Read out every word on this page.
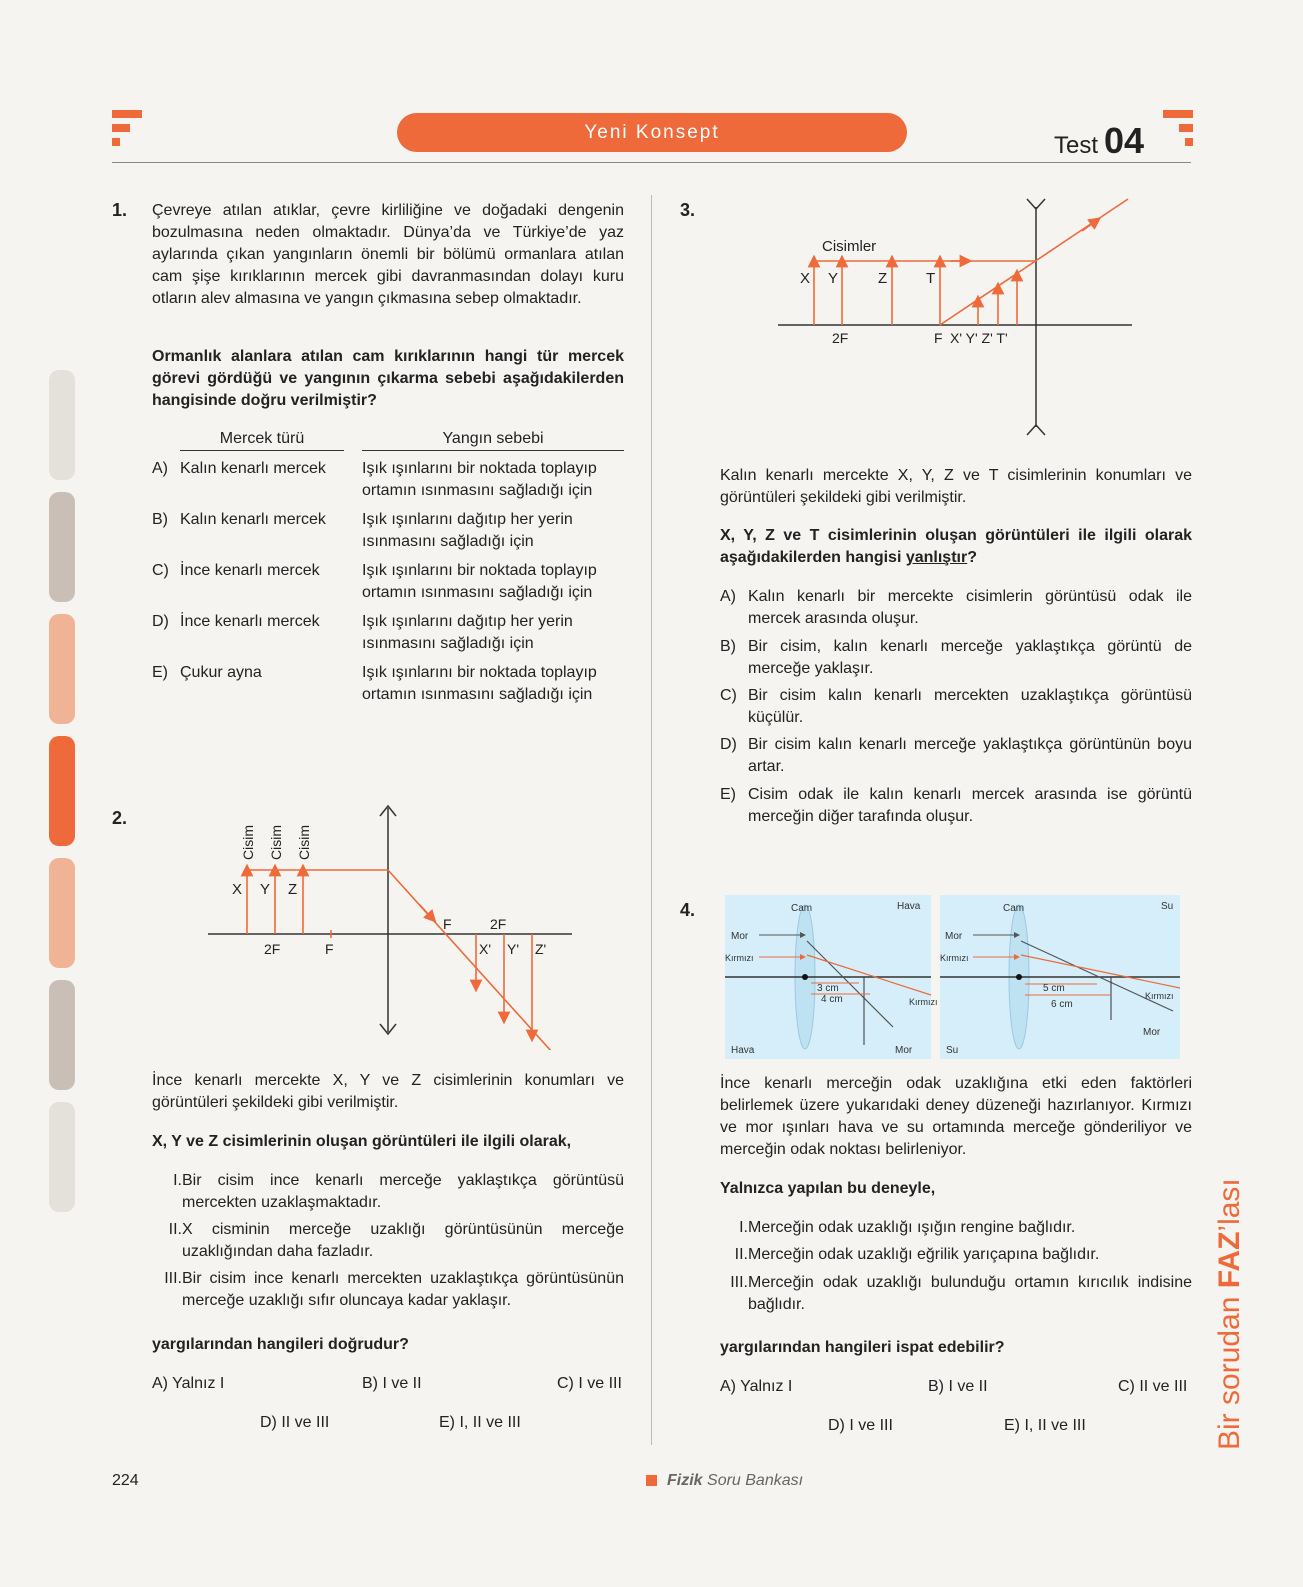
Yeni Konsept	Test 04
1. Çevreye atılan atıklar, çevre kirliliğine ve doğadaki dengenin bozulmasına neden olmaktadır. Dünya’da ve Türkiye’de yaz aylarında çıkan yangınların önemli bir bölümü ormanlara atılan cam şişe kırıklarının mercek gibi davranmasından dolayı kuru otların alev almasına ve yangın çıkmasına sebep olmaktadır.
Ormanlık alanlara atılan cam kırıklarının hangi tür mercek görevi gördüğü ve yangının çıkarma sebebi aşağıdakilerden hangisinde doğru verilmiştir?
Mercek türü	Yangın sebebi
A) Kalın kenarlı mercek Işık ışınlarını bir noktada toplayıp ortamın ısınmasını sağladığı için
B) Kalın kenarlı mercek Işık ışınlarını dağıtıp her yerin ısınmasını sağladığı için
C) İnce kenarlı mercek	Işık ışınlarını bir noktada toplayıp ortamın ısınmasını sağladığı için
D) İnce kenarlı mercek	Işık ışınlarını dağıtıp her yerin ısınmasını sağladığı için
E) Çukur ayna	Işık ışınlarını bir noktada toplayıp ortamın ısınmasını sağladığı için
2.
Cisim Cisim Cisim
X Y Z
2F	F
F	2F
X' Y' Z'
İnce kenarlı mercekte X, Y ve Z cisimlerinin konumları ve görüntüleri şekildeki gibi verilmiştir.
X, Y ve Z cisimlerinin oluşan görüntüleri ile ilgili olarak,
I. Bir cisim ince kenarlı merceğe yaklaştıkça görüntüsü mercekten uzaklaşmaktadır.
II. X cisminin merceğe uzaklığı görüntüsünün merceğe uzaklığından daha fazladır.
III. Bir cisim ince kenarlı mercekten uzaklaştıkça görüntüsünün merceğe uzaklığı sıfır oluncaya kadar yaklaşır.
yargılarından hangileri doğrudur?
A) Yalnız I	B) I ve II	C) I ve III
D) II ve III	E) I, II ve III
3.
Cisimler
X Y	Z	T
2F	F X' Y' Z' T'
Kalın kenarlı mercekte X, Y, Z ve T cisimlerinin konumları ve görüntüleri şekildeki gibi verilmiştir.
X, Y, Z ve T cisimlerinin oluşan görüntüleri ile ilgili olarak aşağıdakilerden hangisi yanlıştır?
A) Kalın kenarlı bir mercekte cisimlerin görüntüsü odak ile mercek arasında oluşur.
B) Bir cisim, kalın kenarlı merceğe yaklaştıkça görüntü de merceğe yaklaşır.
C) Bir cisim kalın kenarlı mercekten uzaklaştıkça görüntüsü küçülür.
D) Bir cisim kalın kenarlı merceğe yaklaştıkça görüntünün boyu artar.
E) Cisim odak ile kalın kenarlı mercek arasında ise görüntü merceğin diğer tarafında oluşur.
4.	Cam	Hava
Mor
Kırmızı
3 cm
4 cm	Kırmızı
Mor
Hava
Cam	Su
Mor
Kırmızı
5 cm
6 cm
Kırmızı
Mor
Su
İnce kenarlı merceğin odak uzaklığına etki eden faktörleri belirlemek üzere yukarıdaki deney düzeneği hazırlanıyor. Kırmızı ve mor ışınları hava ve su ortamında merceğe gönderiliyor ve merceğin odak noktası belirleniyor.
Yalnızca yapılan bu deneyle,
I. Merceğin odak uzaklığı ışığın rengine bağlıdır.
II. Merceğin odak uzaklığı eğrilik yarıçapına bağlıdır.
III. Merceğin odak uzaklığı bulunduğu ortamın kırıcılık indisine bağlıdır.
yargılarından hangileri ispat edebilir?
A) Yalnız I	B) I ve II	C) II ve III
D) I ve III	E) I, II ve III	Bir sorudan FAZ’lası
224	Fizik Soru Bankası
